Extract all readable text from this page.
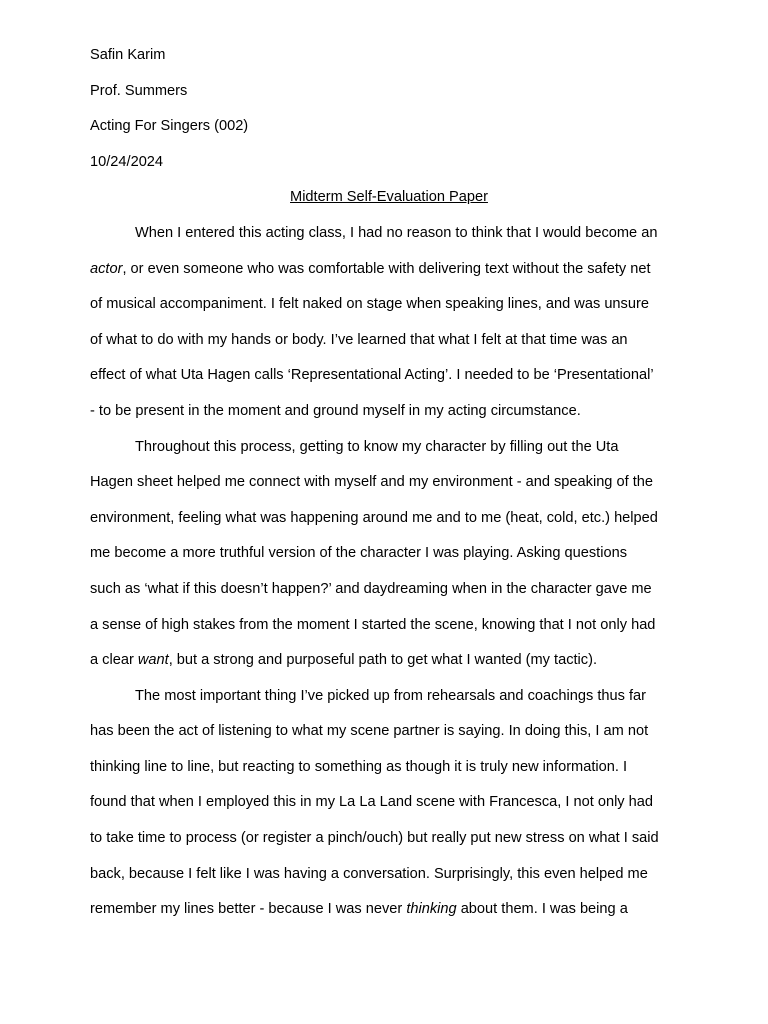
Safin Karim

Prof. Summers

Acting For Singers (002)

10/24/2024

Midterm Self-Evaluation Paper

When I entered this acting class, I had no reason to think that I would become an
actor, or even someone who was comfortable with delivering text without the safety net
of musical accompaniment. I felt naked on stage when speaking lines, and was unsure
of what to do with my hands or body. I’ve learned that what I felt at that time was an
effect of what Uta Hagen calls ‘Representational Acting’. I needed to be ‘Presentational’
- to be present in the moment and ground myself in my acting circumstance.
Throughout this process, getting to know my character by filling out the Uta
Hagen sheet helped me connect with myself and my environment - and speaking of the
environment, feeling what was happening around me and to me (heat, cold, etc.) helped
me become a more truthful version of the character I was playing. Asking questions
such as ‘what if this doesn’t happen?’ and daydreaming when in the character gave me
a sense of high stakes from the moment I started the scene, knowing that I not only had
a clear want, but a strong and purposeful path to get what I wanted (my tactic).
The most important thing I’ve picked up from rehearsals and coachings thus far
has been the act of listening to what my scene partner is saying. In doing this, I am not
thinking line to line, but reacting to something as though it is truly new information. I
found that when I employed this in my La La Land scene with Francesca, I not only had
to take time to process (or register a pinch/ouch) but really put new stress on what I said
back, because I felt like I was having a conversation. Surprisingly, this even helped me
remember my lines better - because I was never thinking about them. I was being a
